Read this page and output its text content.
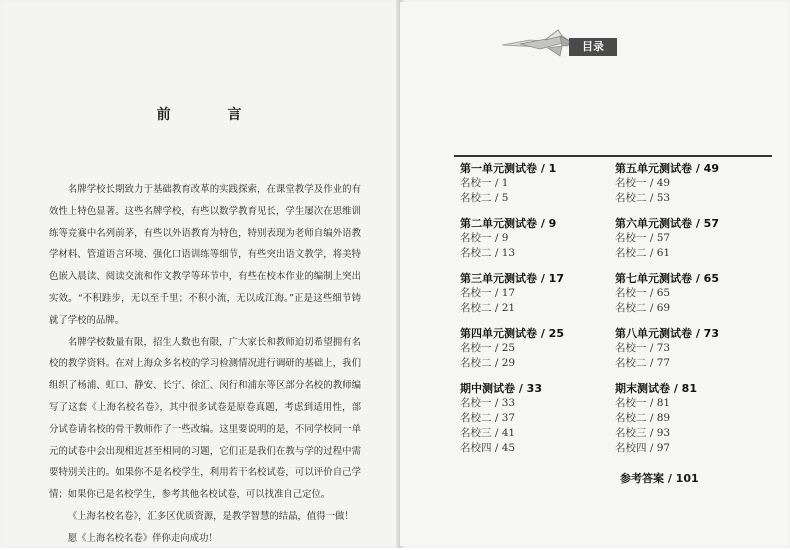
前 言

名牌学校长期致力于基础教育改革的实践探索，在课堂教学及作业的有效性上特色显著。这些名牌学校，有些以数学教育见长，学生屡次在思维训练等竞赛中名列前茅，有些以外语教育为特色，特别表现为老师自编外语教学材料、管道语言环境、强化口语训练等细节，有些突出语文教学，将美特色嵌入晨读、阅读交流和作文教学等环节中，有些在校本作业的编制上突出实效。“不积跬步，无以至千里；不积小流，无以成江海。”正是这些细节铸就了学校的品牌。

名牌学校数量有限，招生人数也有限，广大家长和教师迫切希望拥有名校的教学资料。在对上海众多名校的学习检测情况进行调研的基础上，我们组织了杨浦、虹口、静安、长宁、徐汇、闵行和浦东等区部分名校的教师编写了这套《上海名校名卷》，其中很多试卷是原卷真题，考虑到适用性，部分试卷请名校的骨干教师作了一些改编。这里要说明的是，不同学校同一单元的试卷中会出现相近甚至相同的习题，它们正是我们在教与学的过程中需要特别关注的。如果你不是名校学生，利用若干名校试卷，可以评价自己学情；如果你已是名校学生，参考其他名校试卷，可以找准自己定位。

《上海名校名卷》，汇多区优质资源，是教学智慧的结晶，值得一做！

愿《上海名校名卷》伴你走向成功！

目录
第一单元测试卷 / 1
名校一 / 1
名校二 / 5
第二单元测试卷 / 9
名校一 / 9
名校二 / 13
第三单元测试卷 / 17
名校一 / 17
名校二 / 21
第四单元测试卷 / 25
名校一 / 25
名校二 / 29
期中测试卷 / 33
名校一 / 33
名校二 / 37
名校三 / 41
名校四 / 45
第五单元测试卷 / 49
名校一 / 49
名校二 / 53
第六单元测试卷 / 57
名校一 / 57
名校二 / 61
第七单元测试卷 / 65
名校一 / 65
名校二 / 69
第八单元测试卷 / 73
名校一 / 73
名校二 / 77
期末测试卷 / 81
名校一 / 81
名校二 / 89
名校三 / 93
名校四 / 97
参考答案 / 101
